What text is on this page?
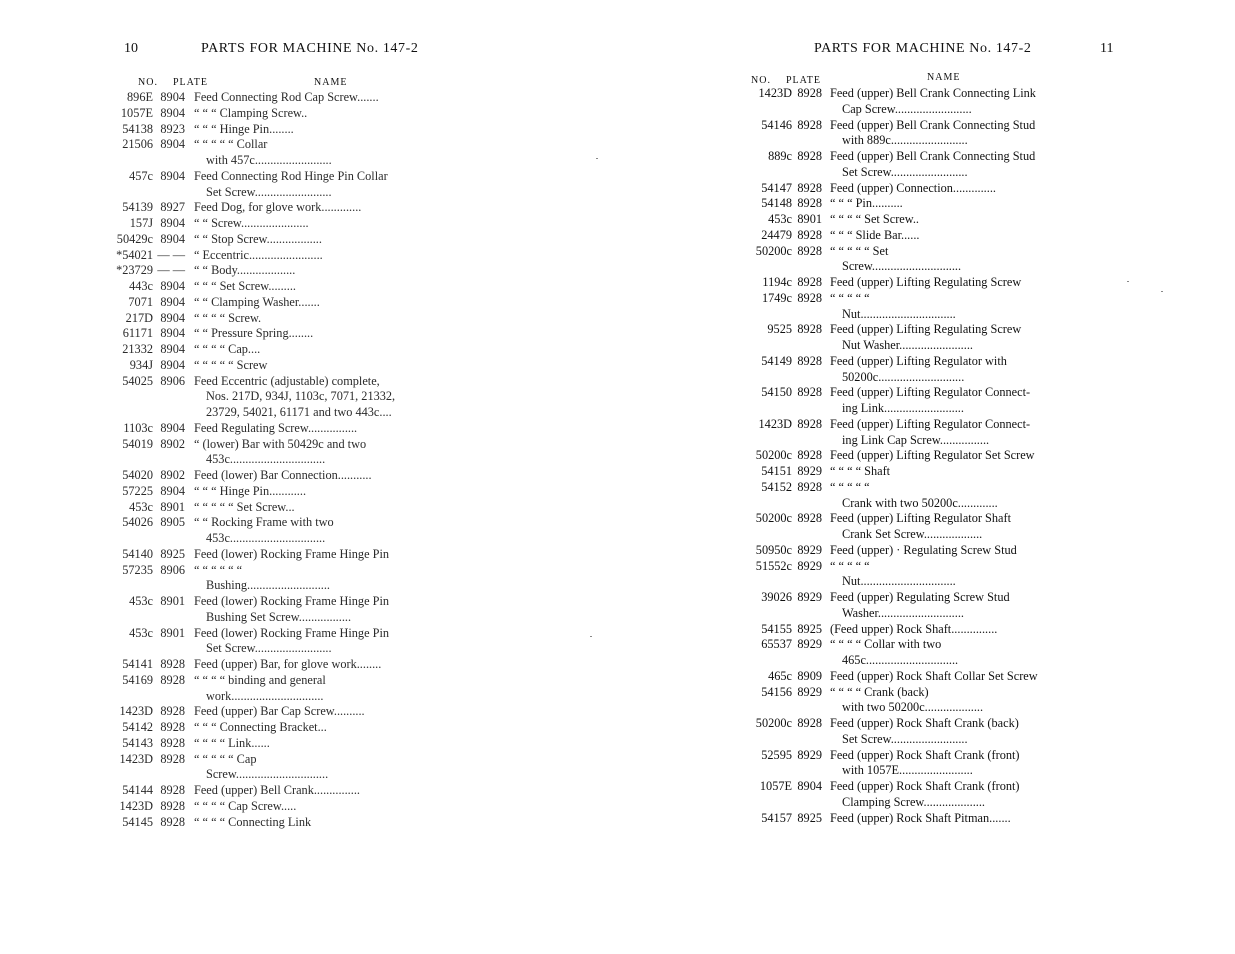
10	PARTS FOR MACHINE No. 147-2
NO. PLATE	NAME
896E 8904 Feed Connecting Rod Cap Screw.......
1057E 8904 “ “ “ Clamping Screw..
54138 8923 “ “ “ Hinge Pin........
21506 8904 “ “ “ “ “ Collar
with 457c.........................
457c 8904 Feed Connecting Rod Hinge Pin Collar
Set Screw.........................
54139 8927 Feed Dog, for glove work.............
157J 8904 “ “ Screw......................
50429c 8904 “ “ Stop Screw..................
*54021 — — “ Eccentric........................
*23729 — — “ “ Body...................
443c 8904 “ “ “ Set Screw.........
7071 8904 “ “ Clamping Washer.......
217D 8904 “ “ “ “ Screw.
61171 8904 “ “ Pressure Spring........
21332 8904 “ “ “ “ Cap....
934J 8904 “ “ “ “ “ Screw
54025 8906 Feed Eccentric (adjustable) complete,
Nos. 217D, 934J, 1103c, 7071, 21332,
23729, 54021, 61171 and two 443c....
1103c 8904 Feed Regulating Screw................
54019 8902 “ (lower) Bar with 50429c and two
453c...............................
54020 8902 Feed (lower) Bar Connection...........
57225 8904 “ “ “ Hinge Pin............
453c 8901 “ “ “ “ “ Set Screw...
54026 8905 “ “ Rocking Frame with two
453c...............................
54140 8925 Feed (lower) Rocking Frame Hinge Pin
57235 8906 “ “ “ “ “ “
Bushing...........................
453c 8901 Feed (lower) Rocking Frame Hinge Pin
Bushing Set Screw.................
453c 8901 Feed (lower) Rocking Frame Hinge Pin
Set Screw.........................
54141 8928 Feed (upper) Bar, for glove work........
54169 8928 “ “ “ “ binding and general
work..............................
1423D 8928 Feed (upper) Bar Cap Screw..........
54142 8928 “ “ “ Connecting Bracket...
54143 8928 “ “ “ “ Link......
1423D 8928 “ “ “ “ “ Cap
Screw..............................
54144 8928 Feed (upper) Bell Crank...............
1423D 8928 “ “ “ “ Cap Screw.....
54145 8928 “ “ “ “ Connecting Link
PARTS FOR MACHINE No. 147-2	11
NO. PLATE	NAME
1423D 8928 Feed (upper) Bell Crank Connecting Link
Cap Screw.........................
54146 8928 Feed (upper) Bell Crank Connecting Stud
with 889c.........................
889c 8928 Feed (upper) Bell Crank Connecting Stud
Set Screw.........................
54147 8928 Feed (upper) Connection..............
54148 8928 “ “ “ Pin..........
453c 8901 “ “ “ “ Set Screw..
24479 8928 “ “ “ Slide Bar......
50200c 8928 “ “ “ “ “ Set
Screw.............................
1194c 8928 Feed (upper) Lifting Regulating Screw
1749c 8928 “ “ “ “ “
Nut...............................
9525 8928 Feed (upper) Lifting Regulating Screw
Nut Washer........................
54149 8928 Feed (upper) Lifting Regulator with
50200c............................
54150 8928 Feed (upper) Lifting Regulator Connect-
ing Link..........................
1423D 8928 Feed (upper) Lifting Regulator Connect-
ing Link Cap Screw................
50200c 8928 Feed (upper) Lifting Regulator Set Screw
54151 8929 “ “ “ “ Shaft
54152 8928 “ “ “ “ “
Crank with two 50200c.............
50200c 8928 Feed (upper) Lifting Regulator Shaft
Crank Set Screw...................
50950c 8929 Feed (upper) · Regulating Screw Stud
51552c 8929 “ “ “ “ “
Nut...............................
39026 8929 Feed (upper) Regulating Screw Stud
Washer............................
54155 8925 (Feed upper) Rock Shaft...............
65537 8929 “ “ “ “ Collar with two
465c..............................
465c 8909 Feed (upper) Rock Shaft Collar Set Screw
54156 8929 “ “ “ “ Crank (back)
with two 50200c...................
50200c 8928 Feed (upper) Rock Shaft Crank (back)
Set Screw.........................
52595 8929 Feed (upper) Rock Shaft Crank (front)
with 1057E........................
1057E 8904 Feed (upper) Rock Shaft Crank (front)
Clamping Screw....................
54157 8925 Feed (upper) Rock Shaft Pitman.......
